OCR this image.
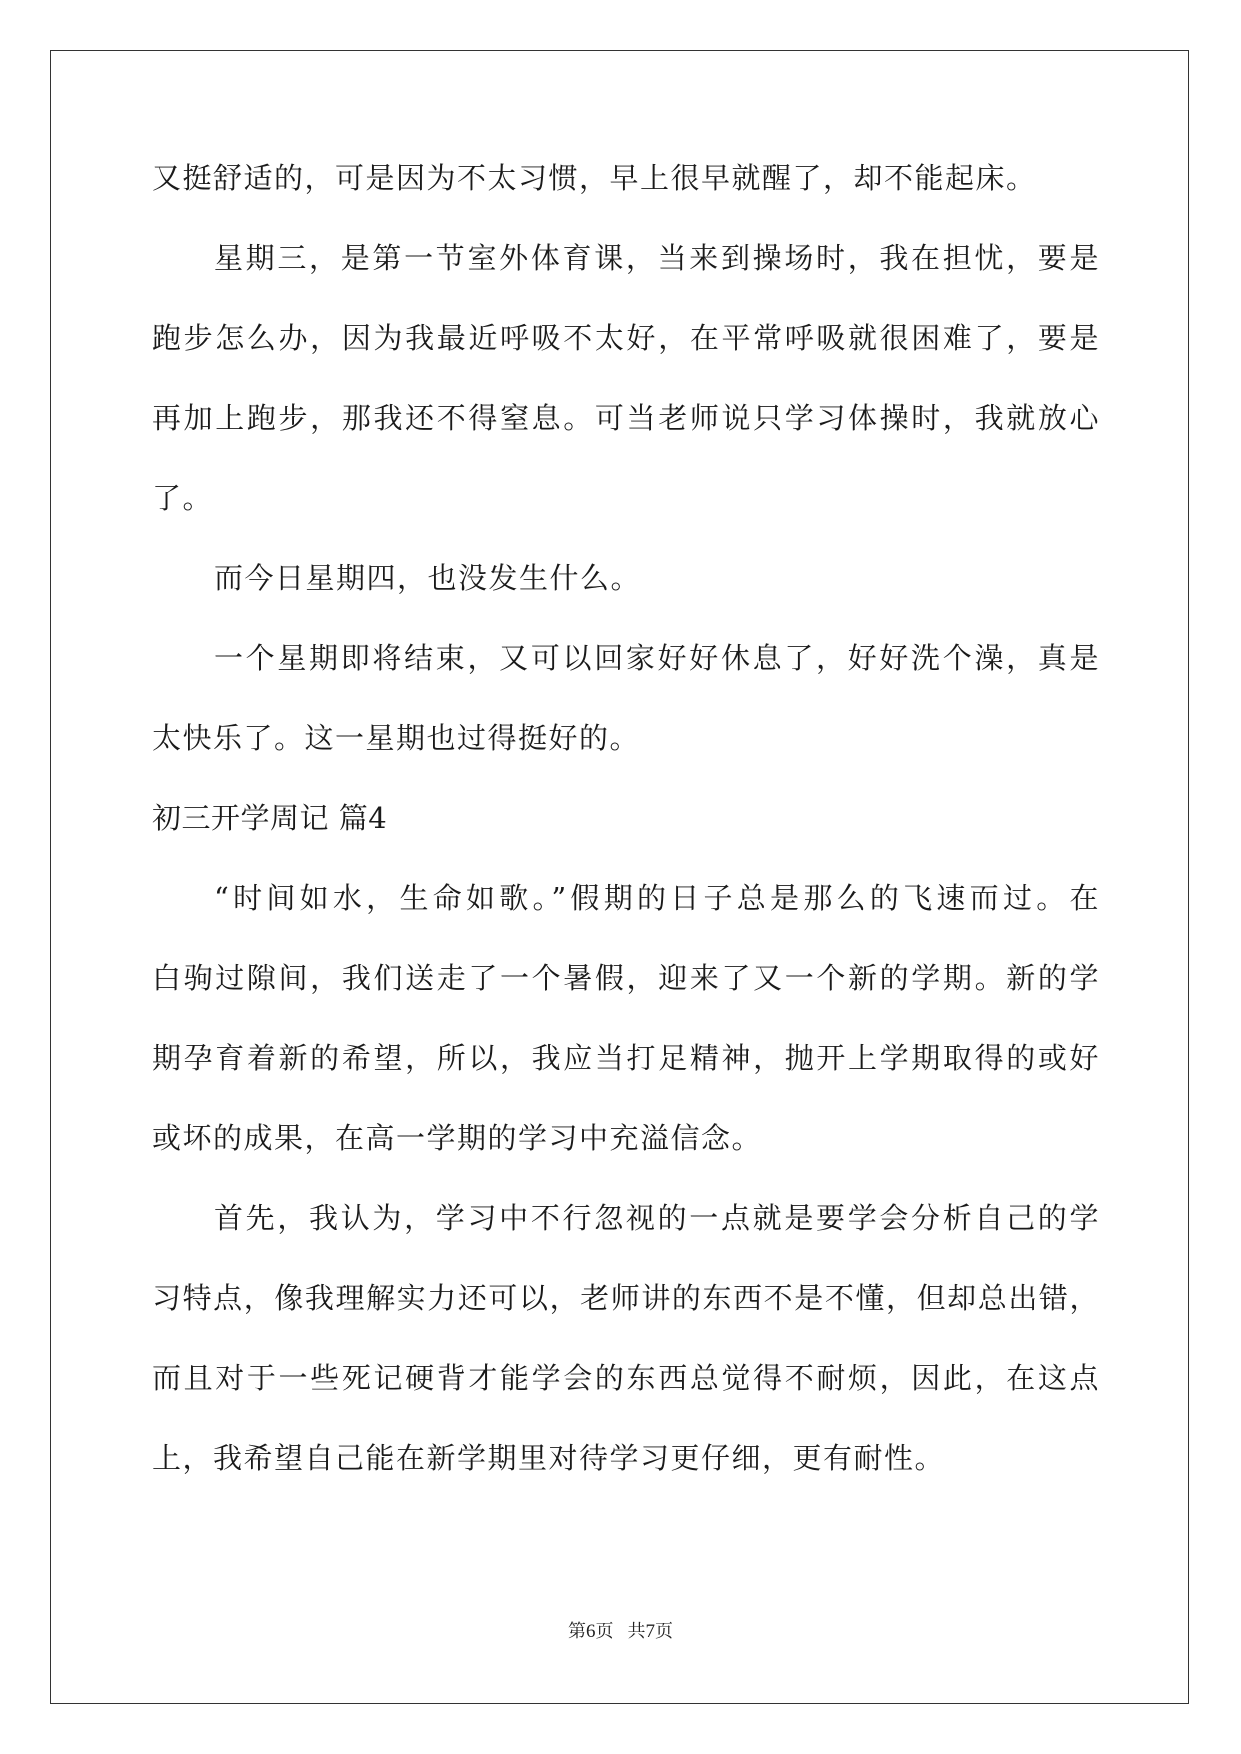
又挺舒适的，可是因为不太习惯，早上很早就醒了，却不能起床。
星期三，是第一节室外体育课，当来到操场时，我在担忧，要是
跑步怎么办，因为我最近呼吸不太好，在平常呼吸就很困难了，要是
再加上跑步，那我还不得窒息。可当老师说只学习体操时，我就放心
了。
而今日星期四，也没发生什么。
一个星期即将结束，又可以回家好好休息了，好好洗个澡，真是
太快乐了。这一星期也过得挺好的。
初三开学周记 篇4
“时间如水，生命如歌。”假期的日子总是那么的飞速而过。在
白驹过隙间，我们送走了一个暑假，迎来了又一个新的学期。新的学
期孕育着新的希望，所以，我应当打足精神，抛开上学期取得的或好
或坏的成果，在高一学期的学习中充溢信念。
首先，我认为，学习中不行忽视的一点就是要学会分析自己的学
习特点，像我理解实力还可以，老师讲的东西不是不懂，但却总出错，
而且对于一些死记硬背才能学会的东西总觉得不耐烦，因此，在这点
上，我希望自己能在新学期里对待学习更仔细，更有耐性。
第6页 共7页
